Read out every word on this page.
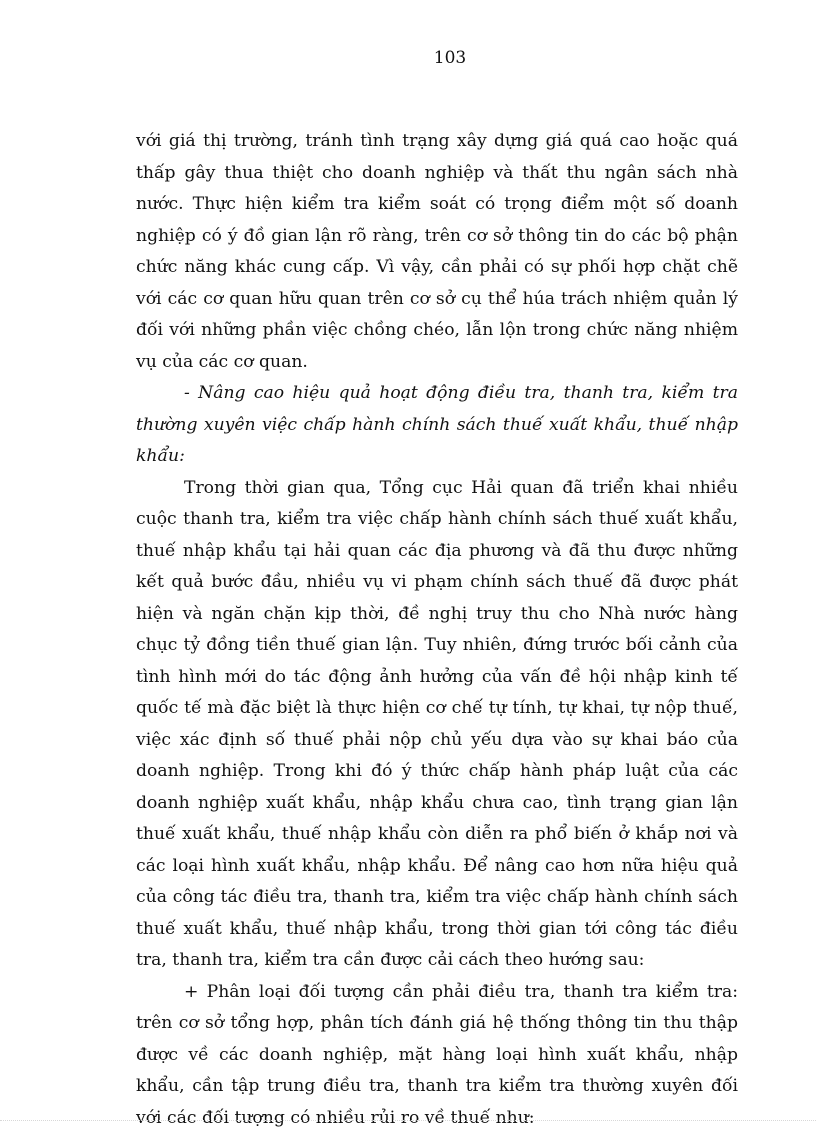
103

với giá thị trường, tránh tình trạng xây dựng giá quá cao hoặc quá thấp gây thua thiệt cho doanh nghiệp và thất thu ngân sách nhà nước. Thực hiện kiểm tra kiểm soát có trọng điểm một số doanh nghiệp có ý đồ gian lận rõ ràng, trên cơ sở thông tin do các bộ phận chức năng khác cung cấp. Vì vậy, cần phải có sự phối hợp chặt chẽ với các cơ quan hữu quan trên cơ sở cụ thể húa trách nhiệm quản lý đối với những phần việc chồng chéo, lẫn lộn trong chức năng nhiệm vụ của các cơ quan.

- Nâng cao hiệu quả hoạt động điều tra, thanh tra, kiểm tra thường xuyên việc chấp hành chính sách thuế xuất khẩu, thuế nhập khẩu:

Trong thời gian qua, Tổng cục Hải quan đã triển khai nhiều cuộc thanh tra, kiểm tra việc chấp hành chính sách thuế xuất khẩu, thuế nhập khẩu tại hải quan các địa phương và đã thu được những kết quả bước đầu, nhiều vụ vi phạm chính sách thuế đã được phát hiện và ngăn chặn kịp thời, đề nghị truy thu cho Nhà nước hàng chục tỷ đồng tiền thuế gian lận. Tuy nhiên, đứng trước bối cảnh của tình hình mới do tác động ảnh hưởng của vấn đề hội nhập kinh tế quốc tế mà đặc biệt là thực hiện cơ chế tự tính, tự khai, tự nộp thuế, việc xác định số thuế phải nộp chủ yếu dựa vào sự khai báo của doanh nghiệp. Trong khi đó ý thức chấp hành pháp luật của các doanh nghiệp xuất khẩu, nhập khẩu chưa cao, tình trạng gian lận thuế xuất khẩu, thuế nhập khẩu còn diễn ra phổ biến ở khắp nơi và các loại hình xuất khẩu, nhập khẩu. Để nâng cao hơn nữa hiệu quả của công tác điều tra, thanh tra, kiểm tra việc chấp hành chính sách thuế xuất khẩu, thuế nhập khẩu, trong thời gian tới công tác điều tra, thanh tra, kiểm tra cần được cải cách theo hướng sau:

+ Phân loại đối tượng cần phải điều tra, thanh tra kiểm tra: trên cơ sở tổng hợp, phân tích đánh giá hệ thống thông tin thu thập được về các doanh nghiệp, mặt hàng loại hình xuất khẩu, nhập khẩu, cần tập trung điều tra, thanh tra kiểm tra thường xuyên đối với các đối tượng có nhiều rủi ro về thuế như:
